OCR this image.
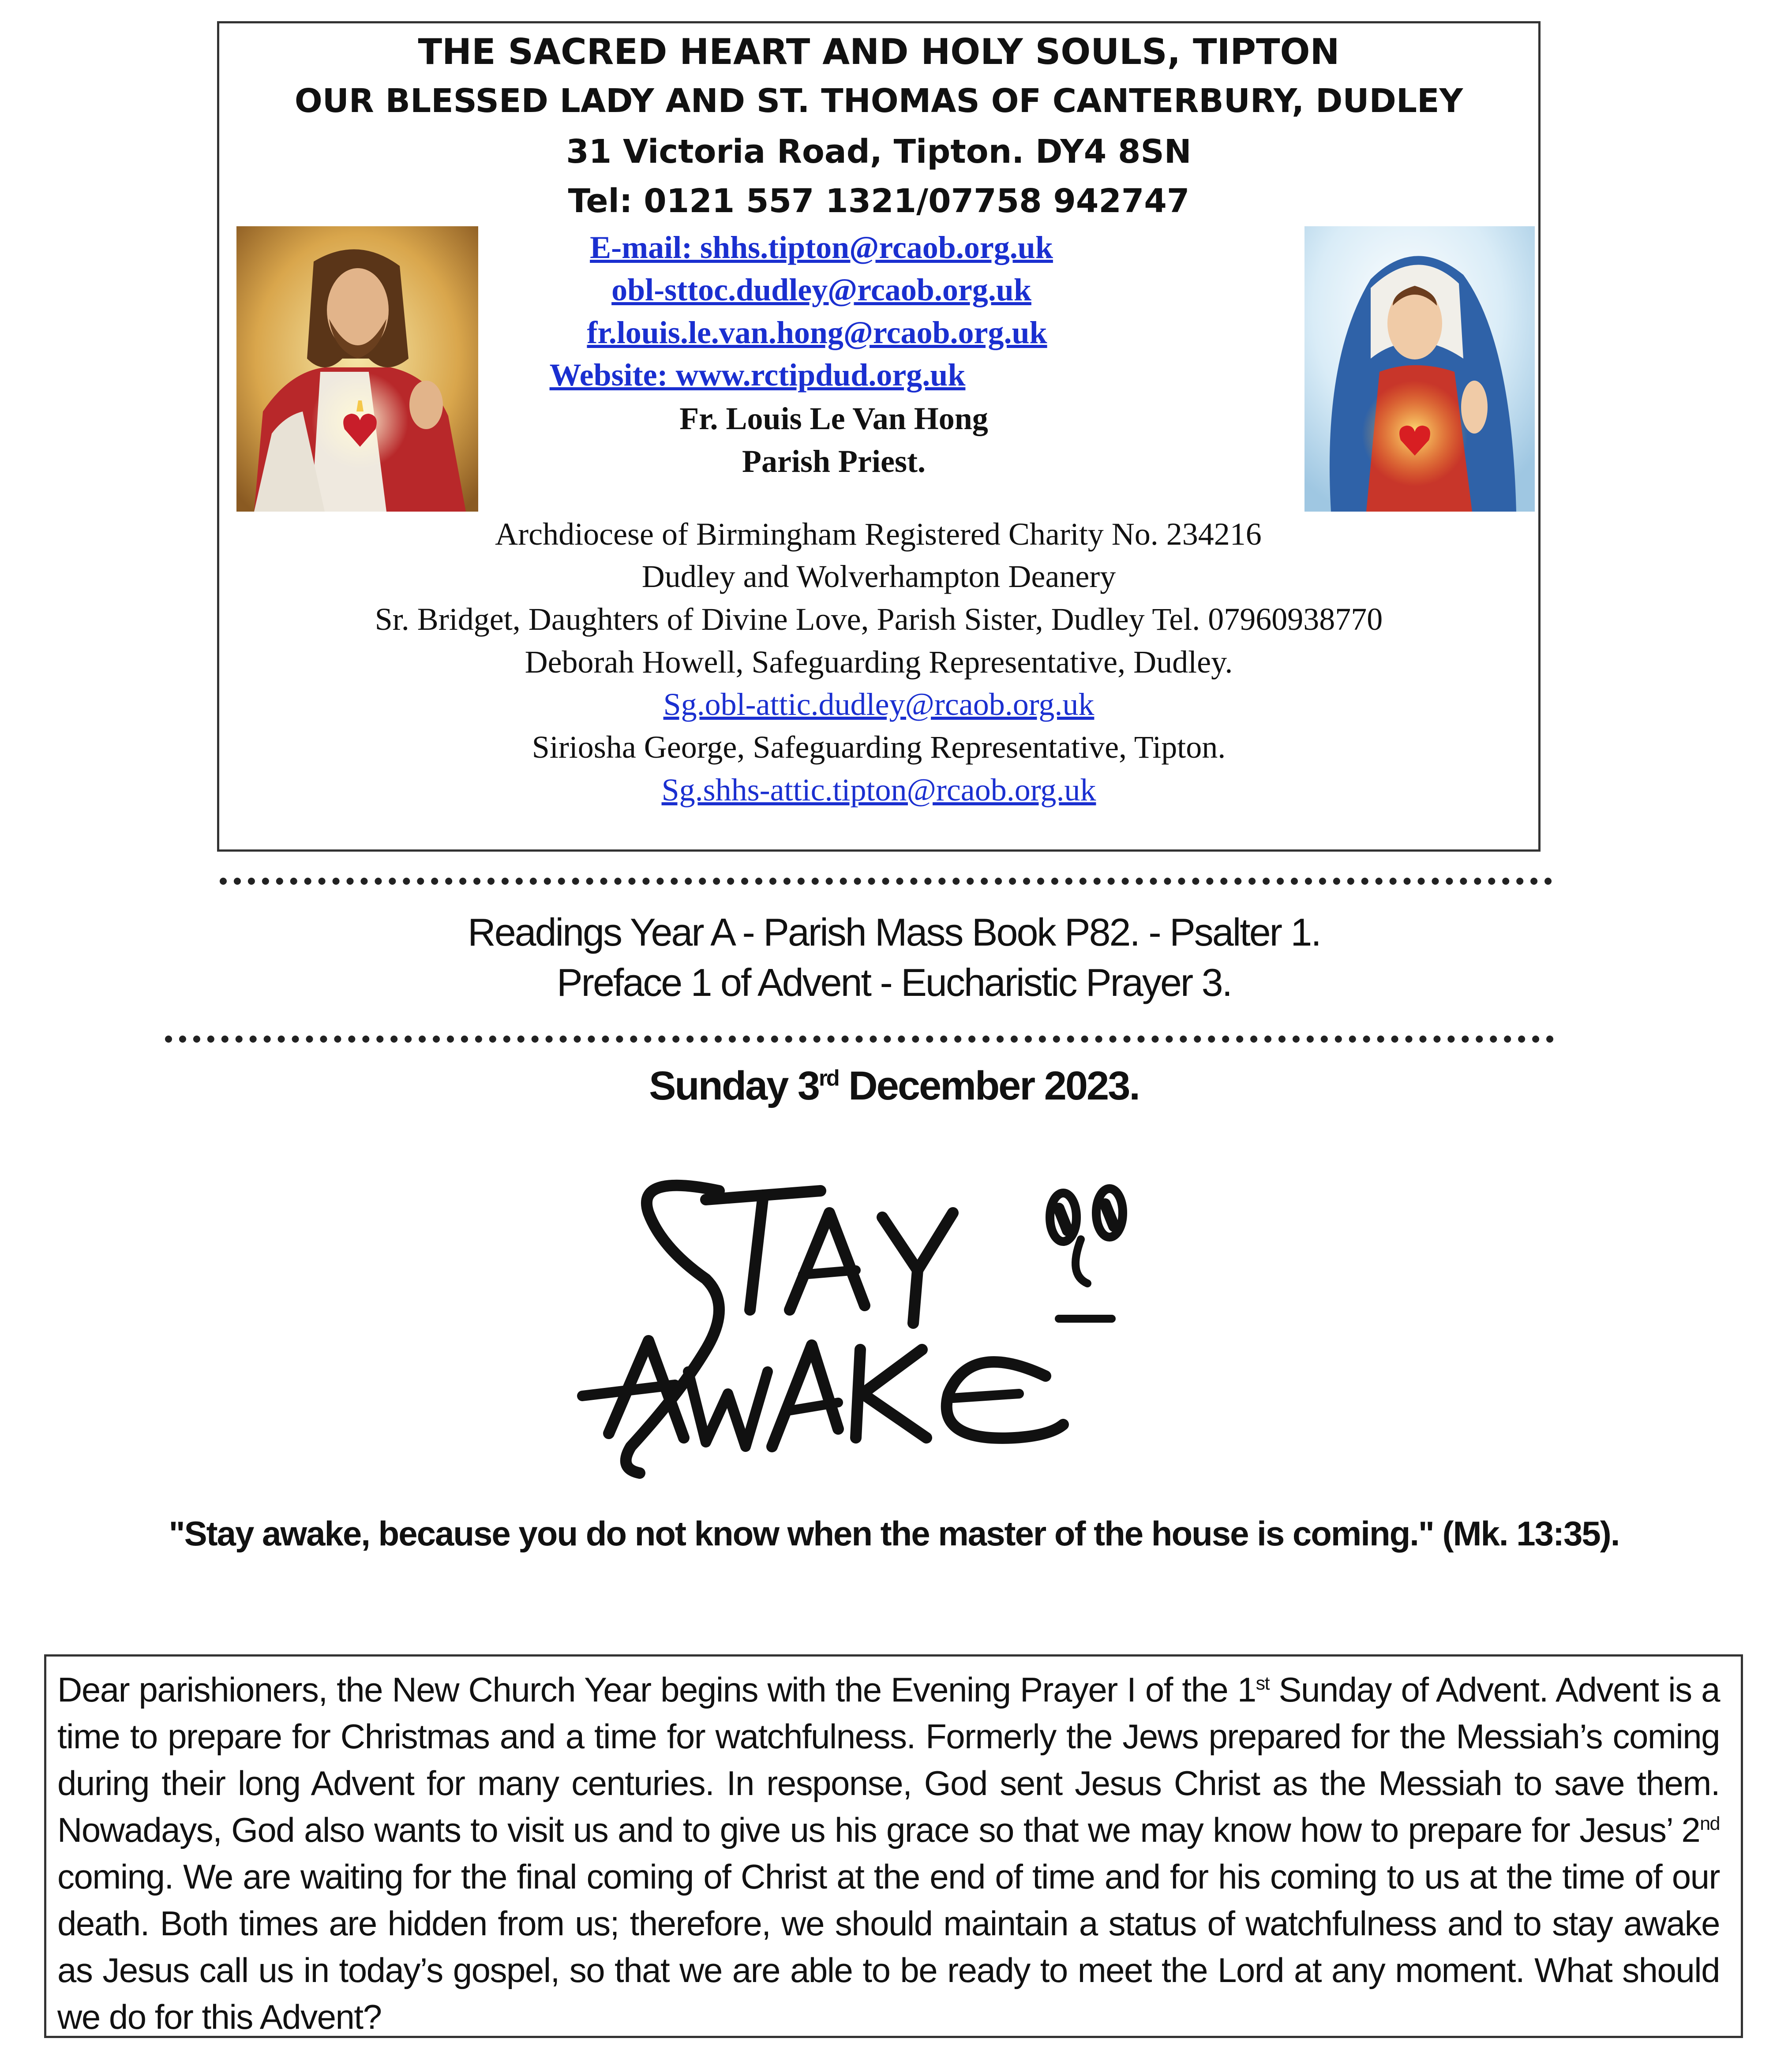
THE SACRED HEART AND HOLY SOULS, TIPTON
OUR BLESSED LADY AND ST. THOMAS OF CANTERBURY, DUDLEY
31 Victoria Road, Tipton. DY4 8SN
Tel: 0121 557 1321/07758 942747
E-mail: shhs.tipton@rcaob.org.uk
obl-sttoc.dudley@rcaob.org.uk
fr.louis.le.van.hong@rcaob.org.uk
Website: www.rctipdud.org.uk
Fr. Louis Le Van Hong
Parish Priest.
Archdiocese of Birmingham Registered Charity No. 234216
Dudley and Wolverhampton Deanery
Sr. Bridget, Daughters of Divine Love, Parish Sister, Dudley Tel. 07960938770
Deborah Howell, Safeguarding Representative, Dudley.
Sg.obl-attic.dudley@rcaob.org.uk
Siriosha George, Safeguarding Representative, Tipton.
Sg.shhs-attic.tipton@rcaob.org.uk
Readings Year A - Parish Mass Book P82. - Psalter 1.
Preface 1 of Advent - Eucharistic Prayer 3.
Sunday 3rd December 2023.
"Stay awake, because you do not know when the master of the house is coming." (Mk. 13:35).
Dear parishioners, the New Church Year begins with the Evening Prayer I of the 1st Sunday of Advent. Advent is a time to prepare for Christmas and a time for watchfulness. Formerly the Jews prepared for the Messiah’s coming during their long Advent for many centuries. In response, God sent Jesus Christ as the Messiah to save them. Nowadays, God also wants to visit us and to give us his grace so that we may know how to prepare for Jesus’ 2nd coming. We are waiting for the final coming of Christ at the end of time and for his coming to us at the time of our death. Both times are hidden from us; therefore, we should maintain a status of watchfulness and to stay awake as Jesus call us in today’s gospel, so that we are able to be ready to meet the Lord at any moment. What should we do for this Advent?
